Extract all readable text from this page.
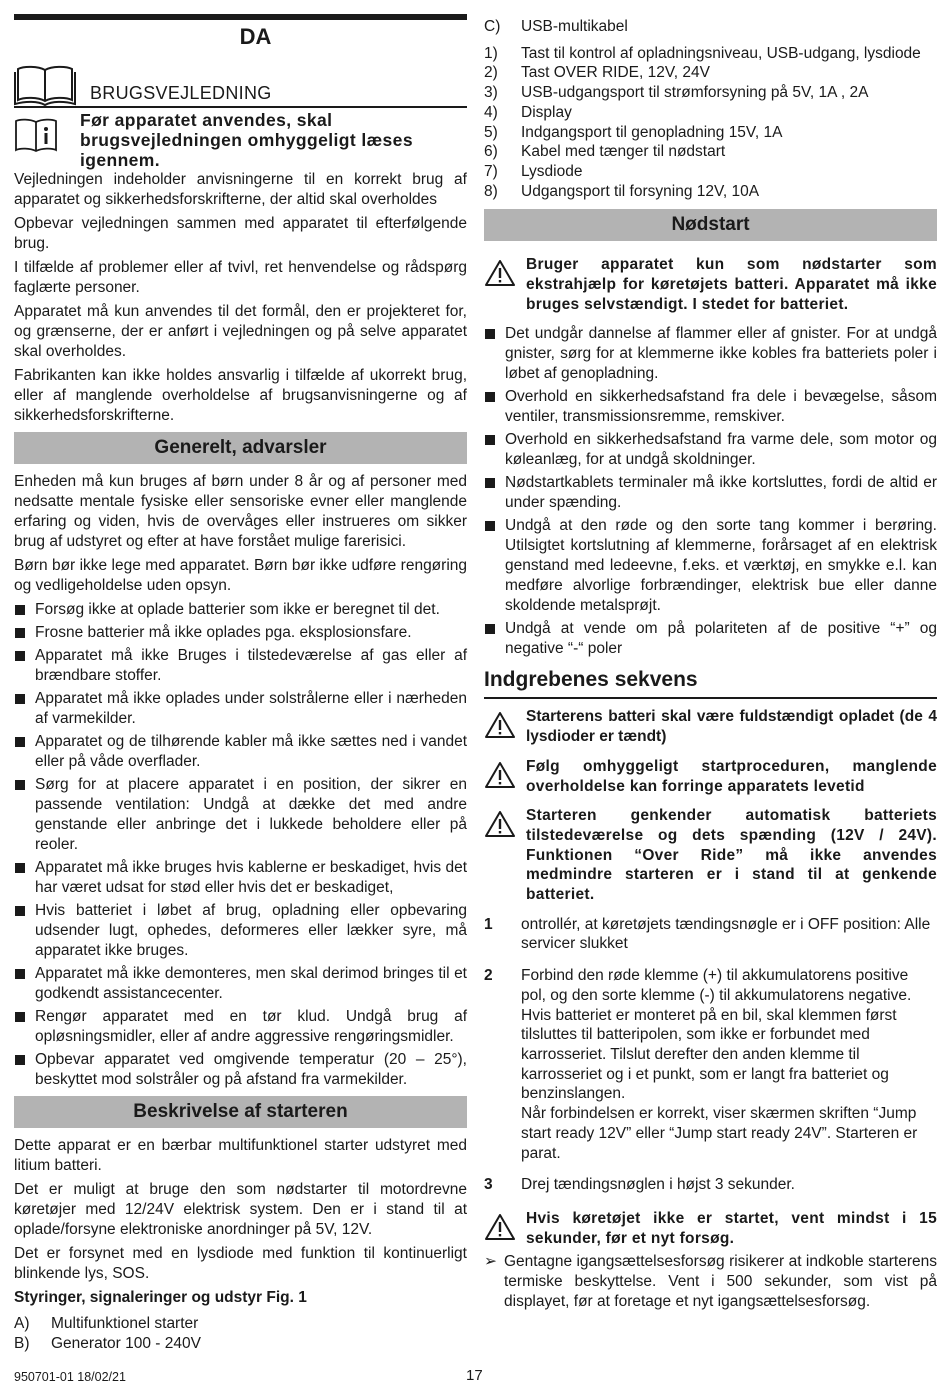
DA
BRUGSVEJLEDNING
Før apparatet anvendes, skal brugsvejledningen omhyggeligt læses igennem.

Vejledningen indeholder anvisningerne til en korrekt brug af apparatet og sikkerhedsforskrifterne, der altid skal overholdes

Opbevar vejledningen sammen med apparatet til efterfølgende brug.

I tilfælde af problemer eller af tvivl, ret henvendelse og rådspørg faglærte personer.

Apparatet må kun anvendes til det formål, den er projekteret for, og grænserne, der er anført i vejledningen og på selve apparatet skal overholdes.

Fabrikanten kan ikke holdes ansvarlig i tilfælde af ukorrekt brug, eller af manglende overholdelse af brugsanvisningerne og af sikkerhedsforskrifterne.

Generelt, advarsler

Enheden må kun bruges af børn under 8 år og af personer med nedsatte mentale fysiske eller sensoriske evner eller manglende erfaring og viden, hvis de overvåges eller instrueres om sikker brug af udstyret og efter at have forstået mulige farerisici.

Børn bør ikke lege med apparatet. Børn bør ikke udføre rengøring og vedligeholdelse uden opsyn.

Forsøg ikke at oplade batterier som ikke er beregnet til det.
Frosne batterier må ikke oplades pga. eksplosionsfare.
Apparatet må ikke Bruges i tilstedeværelse af gas eller af brændbare stoffer.
Apparatet må ikke oplades under solstrålerne eller i nærheden af varmekilder.
Apparatet og de tilhørende kabler må ikke sættes ned i vandet eller på våde overflader.
Sørg for at placere apparatet i en position, der sikrer en passende ventilation: Undgå at dække det med andre genstande eller anbringe det i lukkede beholdere eller på reoler.
Apparatet må ikke bruges hvis kablerne er beskadiget, hvis det har været udsat for stød eller hvis det er beskadiget,
Hvis batteriet i løbet af brug, opladning eller opbevaring udsender lugt, ophedes, deformeres eller lækker syre, må apparatet ikke bruges.
Apparatet må ikke demonteres, men skal derimod bringes til et godkendt assistancecenter.
Rengør apparatet med en tør klud. Undgå brug af opløsningsmidler, eller af andre aggressive rengøringsmidler.
Opbevar apparatet ved omgivende temperatur (20 – 25°), beskyttet mod solstråler og på afstand fra varmekilder.
Beskrivelse af starteren

Dette apparat er en bærbar multifunktionel starter udstyret med litium batteri.

Det er muligt at bruge den som nødstarter til motordrevne køretøjer med 12/24V elektrisk system. Den er i stand til at oplade/forsyne elektroniske anordninger på 5V, 12V.

Det er forsynet med en lysdiode med funktion til kontinuerligt blinkende lys, SOS.

Styringer, signaleringer og udstyr Fig. 1
A)	Multifunktionel starter
B)	Generator 100 - 240V
C)	USB-multikabel
1)	Tast til kontrol af opladningsniveau, USB-udgang, lysdiode
2)	Tast OVER RIDE, 12V, 24V
3)	USB-udgangsport til strømforsyning på 5V, 1A , 2A
4)	Display
5)	Indgangsport til genopladning 15V, 1A
6)	Kabel med tænger til nødstart
7)	Lysdiode
8)	Udgangsport til forsyning 12V, 10A
Nødstart
Bruger apparatet kun som nødstarter som ekstrahjælp for køretøjets batteri. Apparatet må ikke bruges selvstændigt. I stedet for batteriet.
Det undgår dannelse af flammer eller af gnister. For at undgå gnister, sørg for at klemmerne ikke kobles fra batteriets poler i løbet af genopladning.
Overhold en sikkerhedsafstand fra dele i bevægelse, såsom ventiler, transmissionsremme, remskiver.
Overhold en sikkerhedsafstand fra varme dele, som motor og køleanlæg, for at undgå skoldninger.
Nødstartkablets terminaler må ikke kortsluttes, fordi de altid er under spænding.
Undgå at den røde og den sorte tang kommer i berøring. Utilsigtet kortslutning af klemmerne, forårsaget af en elektrisk genstand med ledeevne, f.eks. et værktøj, en smykke e.l. kan medføre alvorlige forbrændinger, elektrisk bue eller danne skoldende metalsprøjt.
Undgå at vende om på polariteten af de positive “+” og negative “-“ poler
Indgrebenes sekvens
Starterens batteri skal være fuldstændigt opladet (de 4 lysdioder er tændt)
Følg omhyggeligt startproceduren, manglende overholdelse kan forringe apparatets levetid
Starteren genkender automatisk batteriets tilstedeværelse og dets spænding (12V / 24V). Funktionen “Over Ride” må ikke anvendes medmindre starteren er i stand til at genkende batteriet.
1	ontrollér, at køretøjets tændingsnøgle er i OFF position: Alle servicer slukket
2	Forbind den røde klemme (+) til akkumulatorens positive pol, og den sorte klemme (-) til akkumulatorens negative.
Hvis batteriet er monteret på en bil, skal klemmen først tilsluttes til batteripolen, som ikke er forbundet med karrosseriet. Tilslut derefter den anden klemme til karrosseriet og i et punkt, som er langt fra batteriet og benzinslangen.
Når forbindelsen er korrekt, viser skærmen skriften “Jump start ready 12V” eller “Jump start ready 24V”. Starteren er parat.
3	Drej tændingsnøglen i højst 3 sekunder.
Hvis køretøjet ikke er startet, vent mindst i 15 sekunder, før et nyt forsøg.
➢ Gentagne igangsættelsesforsøg risikerer at indkoble starterens termiske beskyttelse. Vent i 500 sekunder, som vist på displayet, før at foretage et nyt igangsættelsesforsøg.
950701-01 18/02/21	17
